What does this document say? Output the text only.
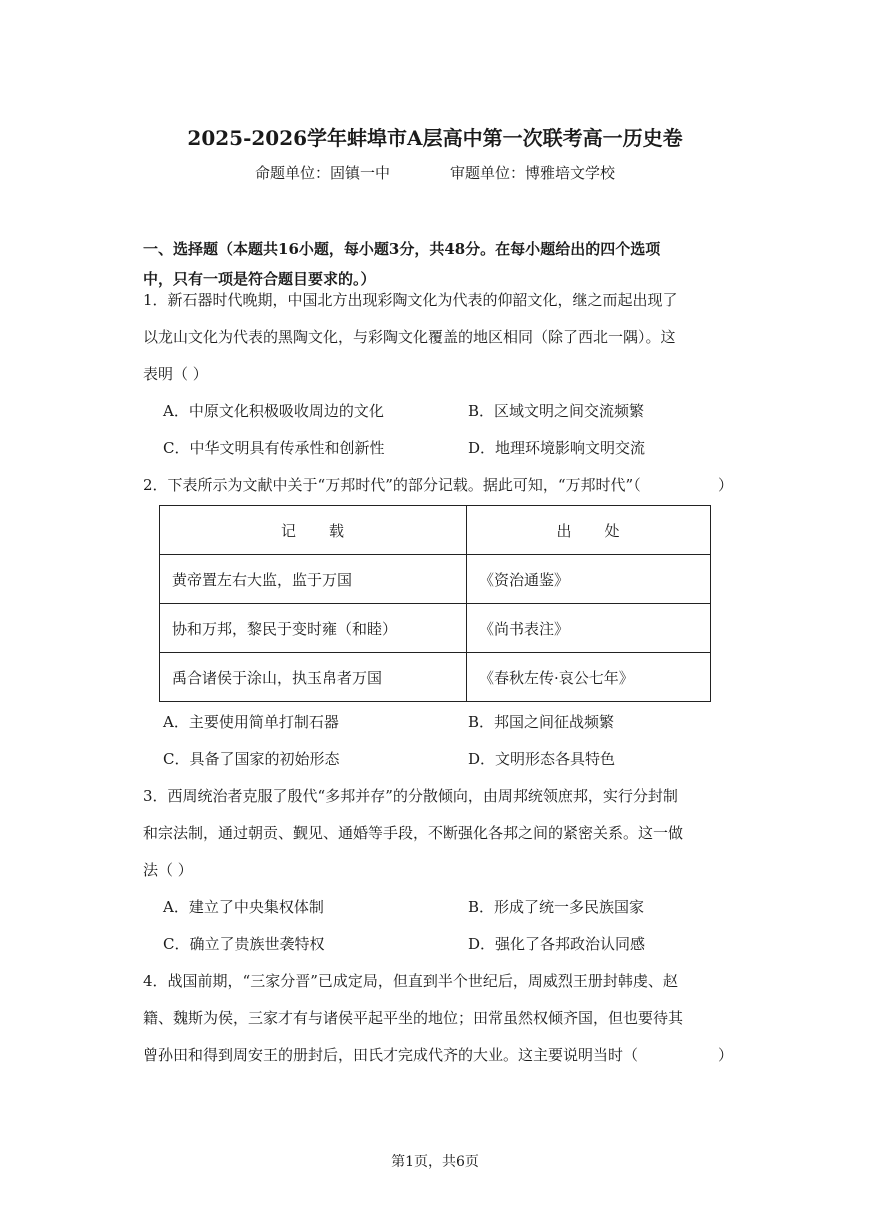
2025-2026学年蚌埠市A层高中第一次联考高一历史卷
命题单位：固镇一中	审题单位：博雅培文学校
一、选择题（本题共16小题，每小题3分，共48分。在每小题给出的四个选项
中，只有一项是符合题目要求的。）
1．新石器时代晚期，中国北方出现彩陶文化为代表的仰韶文化，继之而起出现了
以龙山文化为代表的黑陶文化，与彩陶文化覆盖的地区相同（除了西北一隅）。这
表明（ ）
A．中原文化积极吸收周边的文化	B．区域文明之间交流频繁
C．中华文明具有传承性和创新性	D．地理环境影响文明交流
2．下表所示为文献中关于“万邦时代”的部分记载。据此可知，“万邦时代”（	）
记　　载	出　　处
黄帝置左右大监，监于万国	《资治通鉴》
协和万邦，黎民于变时雍（和睦）	《尚书表注》
禹合诸侯于涂山，执玉帛者万国	《春秋左传·哀公七年》
A．主要使用简单打制石器	B．邦国之间征战频繁
C．具备了国家的初始形态	D．文明形态各具特色
3．西周统治者克服了殷代“多邦并存”的分散倾向，由周邦统领庶邦，实行分封制
和宗法制，通过朝贡、觐见、通婚等手段，不断强化各邦之间的紧密关系。这一做
法（ ）
A．建立了中央集权体制	B．形成了统一多民族国家
C．确立了贵族世袭特权	D．强化了各邦政治认同感
4．战国前期，“三家分晋”已成定局，但直到半个世纪后，周威烈王册封韩虔、赵
籍、魏斯为侯，三家才有与诸侯平起平坐的地位；田常虽然权倾齐国，但也要待其
曾孙田和得到周安王的册封后，田氏才完成代齐的大业。这主要说明当时（	）
第1页，共6页
